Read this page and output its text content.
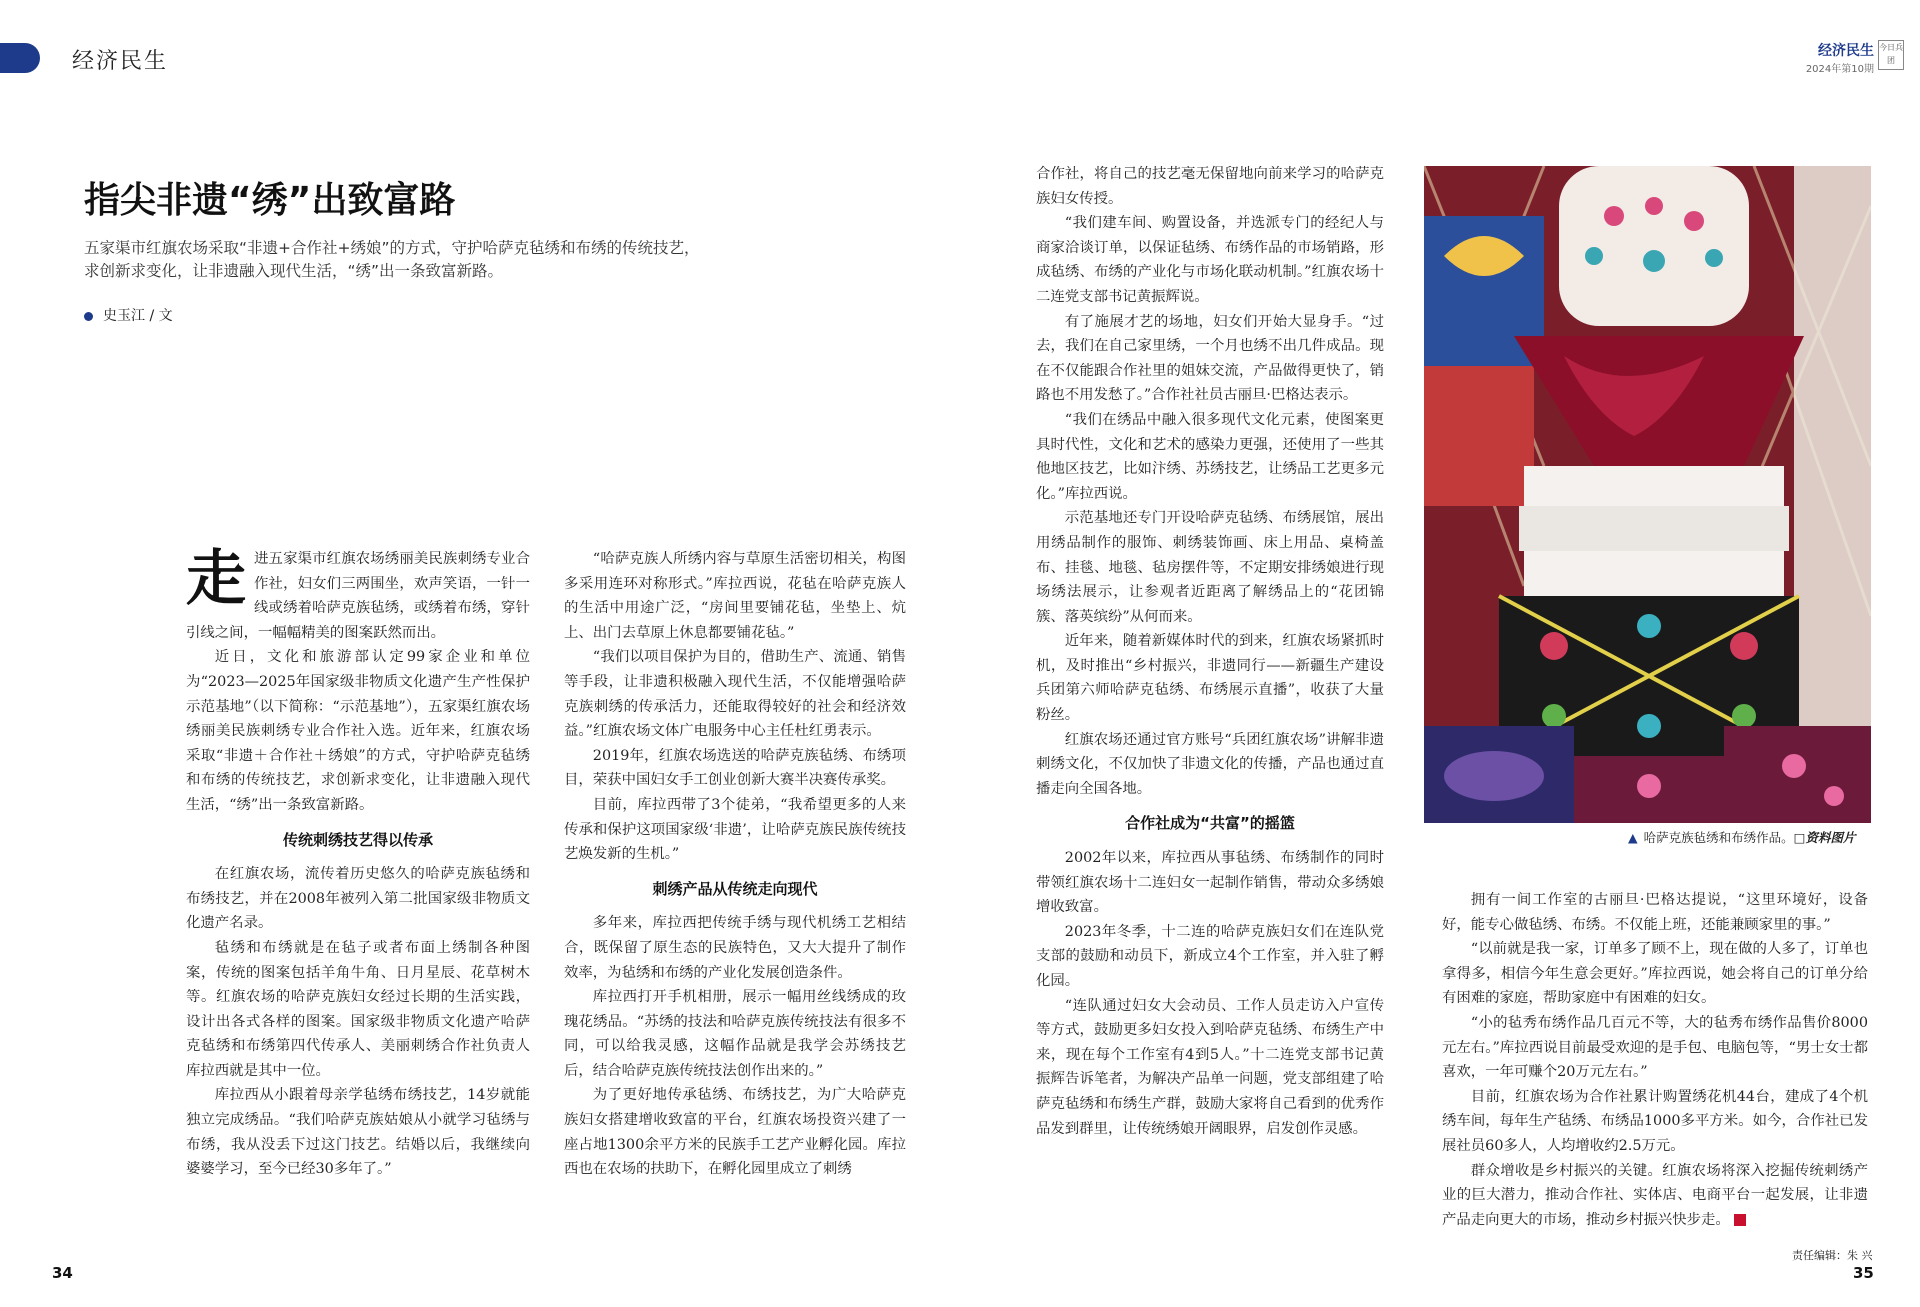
经济民生	经济民生
2024年第10期
今日兵团
指尖非遗“绣”出致富路
五家渠市红旗农场采取“非遗+合作社+绣娘”的方式，守护哈萨克毡绣和布绣的传统技艺，求创新求变化，让非遗融入现代生活，“绣”出一条致富新路。
史玉江 / 文

走进五家渠市红旗农场绣丽美民族刺绣专业合作社，妇女们三两围坐，欢声笑语，一针一线或绣着哈萨克族毡绣，或绣着布绣，穿针引线之间，一幅幅精美的图案跃然而出。

近日，文化和旅游部认定99家企业和单位为“2023—2025年国家级非物质文化遗产生产性保护示范基地”（以下简称：“示范基地”），五家渠红旗农场绣丽美民族刺绣专业合作社入选。近年来，红旗农场采取“非遗＋合作社＋绣娘”的方式，守护哈萨克毡绣和布绣的传统技艺，求创新求变化，让非遗融入现代生活，“绣”出一条致富新路。

传统刺绣技艺得以传承

在红旗农场，流传着历史悠久的哈萨克族毡绣和布绣技艺，并在2008年被列入第二批国家级非物质文化遗产名录。

毡绣和布绣就是在毡子或者布面上绣制各种图案，传统的图案包括羊角牛角、日月星辰、花草树木等。红旗农场的哈萨克族妇女经过长期的生活实践，设计出各式各样的图案。国家级非物质文化遗产哈萨克毡绣和布绣第四代传承人、美丽刺绣合作社负责人库拉西就是其中一位。

库拉西从小跟着母亲学毡绣布绣技艺，14岁就能独立完成绣品。“我们哈萨克族姑娘从小就学习毡绣与布绣，我从没丢下过这门技艺。结婚以后，我继续向婆婆学习，至今已经30多年了。”

“哈萨克族人所绣内容与草原生活密切相关，构图多采用连环对称形式。”库拉西说，花毡在哈萨克族人的生活中用途广泛，“房间里要铺花毡，坐垫上、炕上、出门去草原上休息都要铺花毡。”

“我们以项目保护为目的，借助生产、流通、销售等手段，让非遗积极融入现代生活，不仅能增强哈萨克族刺绣的传承活力，还能取得较好的社会和经济效益。”红旗农场文体广电服务中心主任杜红勇表示。

2019年，红旗农场选送的哈萨克族毡绣、布绣项目，荣获中国妇女手工创业创新大赛半决赛传承奖。

目前，库拉西带了3个徒弟，“我希望更多的人来传承和保护这项国家级‘非遗’，让哈萨克族民族传统技艺焕发新的生机。”

刺绣产品从传统走向现代

多年来，库拉西把传统手绣与现代机绣工艺相结合，既保留了原生态的民族特色，又大大提升了制作效率，为毡绣和布绣的产业化发展创造条件。

库拉西打开手机相册，展示一幅用丝线绣成的玫瑰花绣品。“苏绣的技法和哈萨克族传统技法有很多不同，可以给我灵感，这幅作品就是我学会苏绣技艺后，结合哈萨克族传统技法创作出来的。”

为了更好地传承毡绣、布绣技艺，为广大哈萨克族妇女搭建增收致富的平台，红旗农场投资兴建了一座占地1300余平方米的民族手工艺产业孵化园。库拉西也在农场的扶助下，在孵化园里成立了刺绣

合作社，将自己的技艺毫无保留地向前来学习的哈萨克族妇女传授。

“我们建车间、购置设备，并选派专门的经纪人与商家洽谈订单，以保证毡绣、布绣作品的市场销路，形成毡绣、布绣的产业化与市场化联动机制。”红旗农场十二连党支部书记黄振辉说。

有了施展才艺的场地，妇女们开始大显身手。“过去，我们在自己家里绣，一个月也绣不出几件成品。现在不仅能跟合作社里的姐妹交流，产品做得更快了，销路也不用发愁了。”合作社社员古丽旦·巴格达表示。

“我们在绣品中融入很多现代文化元素，使图案更具时代性，文化和艺术的感染力更强，还使用了一些其他地区技艺，比如汴绣、苏绣技艺，让绣品工艺更多元化。”库拉西说。

示范基地还专门开设哈萨克毡绣、布绣展馆，展出用绣品制作的服饰、刺绣装饰画、床上用品、桌椅盖布、挂毯、地毯、毡房摆件等，不定期安排绣娘进行现场绣法展示，让参观者近距离了解绣品上的“花团锦簇、落英缤纷”从何而来。

近年来，随着新媒体时代的到来，红旗农场紧抓时机，及时推出“乡村振兴，非遗同行——新疆生产建设兵团第六师哈萨克毡绣、布绣展示直播”，收获了大量粉丝。

红旗农场还通过官方账号“兵团红旗农场”讲解非遗刺绣文化，不仅加快了非遗文化的传播，产品也通过直播走向全国各地。

合作社成为“共富”的摇篮

2002年以来，库拉西从事毡绣、布绣制作的同时带领红旗农场十二连妇女一起制作销售，带动众多绣娘增收致富。

2023年冬季，十二连的哈萨克族妇女们在连队党支部的鼓励和动员下，新成立4个工作室，并入驻了孵化园。

“连队通过妇女大会动员、工作人员走访入户宣传等方式，鼓励更多妇女投入到哈萨克毡绣、布绣生产中来，现在每个工作室有4到5人。”十二连党支部书记黄振辉告诉笔者，为解决产品单一问题，党支部组建了哈萨克毡绣和布绣生产群，鼓励大家将自己看到的优秀作品发到群里，让传统绣娘开阔眼界，启发创作灵感。

▲ 哈萨克族毡绣和布绣作品。□资料图片

拥有一间工作室的古丽旦·巴格达提说，“这里环境好，设备好，能专心做毡绣、布绣。不仅能上班，还能兼顾家里的事。”

“以前就是我一家，订单多了顾不上，现在做的人多了，订单也拿得多，相信今年生意会更好。”库拉西说，她会将自己的订单分给有困难的家庭，帮助家庭中有困难的妇女。

“小的毡秀布绣作品几百元不等，大的毡秀布绣作品售价8000元左右。”库拉西说目前最受欢迎的是手包、电脑包等，“男士女士都喜欢，一年可赚个20万元左右。”

目前，红旗农场为合作社累计购置绣花机44台，建成了4个机绣车间，每年生产毡绣、布绣品1000多平方米。如今，合作社已发展社员60多人，人均增收约2.5万元。

群众增收是乡村振兴的关键。红旗农场将深入挖掘传统刺绣产业的巨大潜力，推动合作社、实体店、电商平台一起发展，让非遗产品走向更大的市场，推动乡村振兴快步走。

34
责任编辑：朱 兴
35
